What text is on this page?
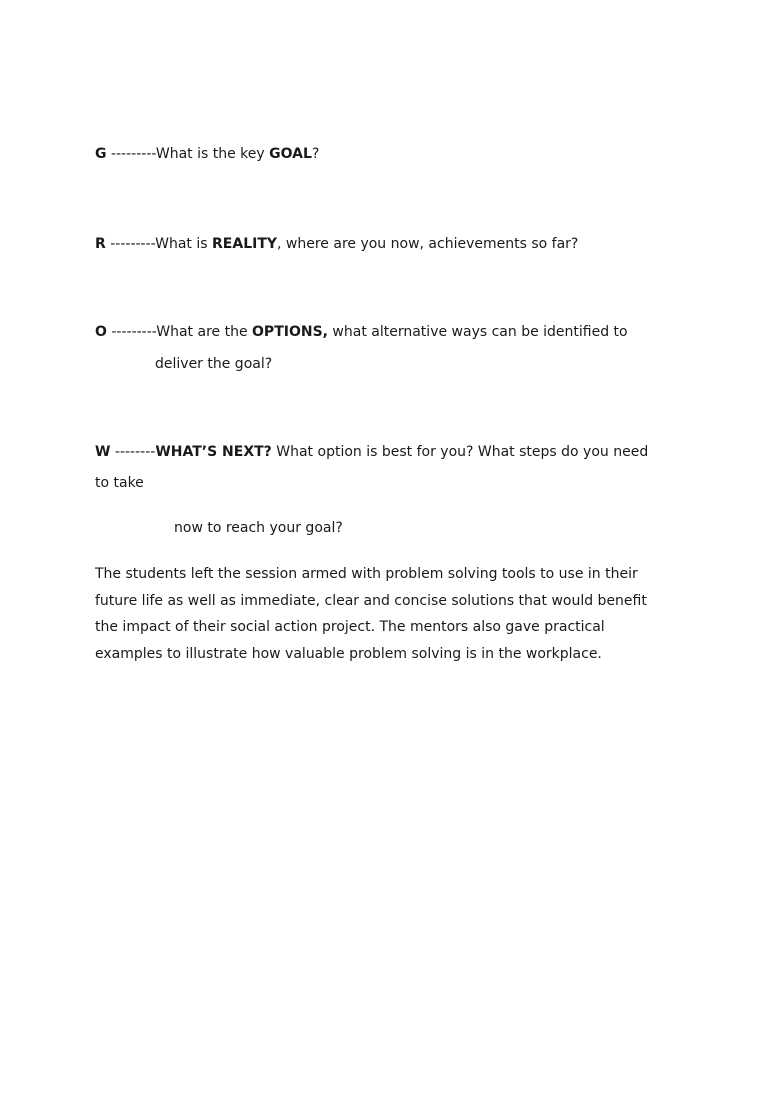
G ---------What is the key GOAL?

R ---------What is REALITY, where are you now, achievements so far?

O ---------What are the OPTIONS, what alternative ways can be identified to

deliver the goal?

W --------WHAT’S NEXT? What option is best for you? What steps do you need

to take

now to reach your goal?

The students left the session armed with problem solving tools to use in their
future life as well as immediate, clear and concise solutions that would benefit
the impact of their social action project. The mentors also gave practical
examples to illustrate how valuable problem solving is in the workplace.
